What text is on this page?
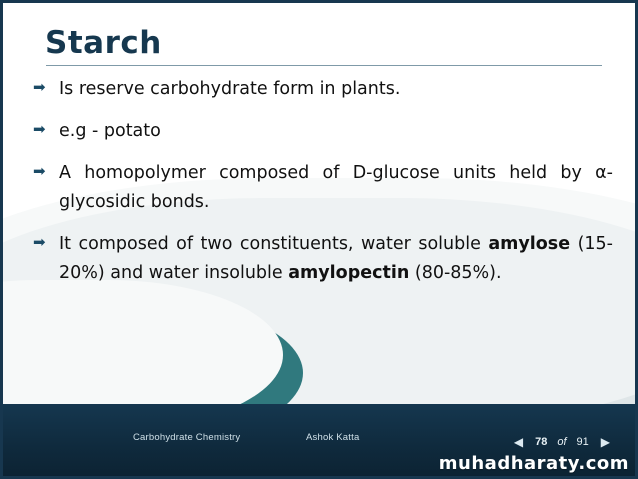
Starch
➡ Is reserve carbohydrate form in plants.
➡ e.g - potato
➡ A homopolymer composed of D-glucose units held by α-glycosidic bonds.
➡ It composed of two constituents, water soluble amylose (15-20%) and water insoluble amylopectin (80-85%).
Carbohydrate Chemistry	Ashok Katta	◀ 78 of 91 ▶
muhadharaty.com
